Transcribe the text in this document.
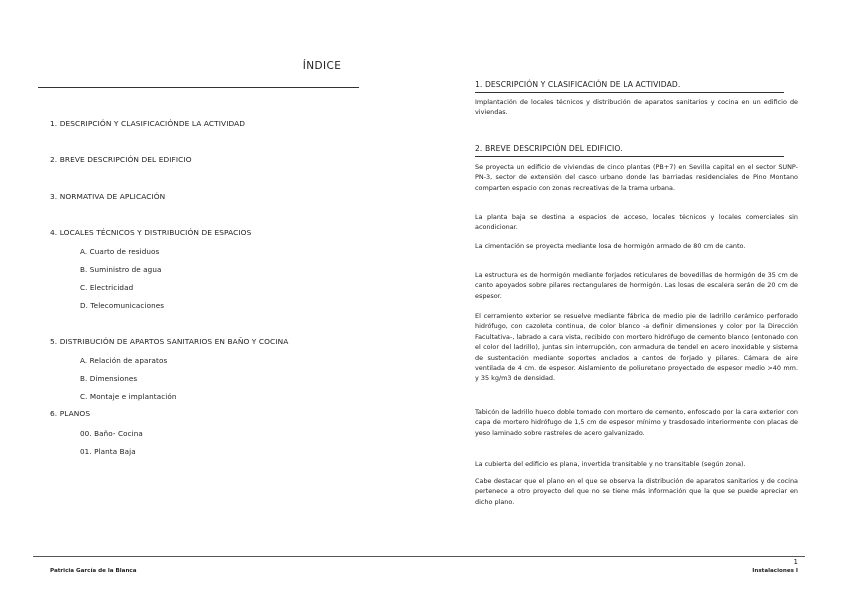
ÍNDICE
1. DESCRIPCIÓN Y CLASIFICACIÓNDE LA ACTIVIDAD
2. BREVE DESCRIPCIÓN DEL EDIFICIO
3. NORMATIVA DE APLICACIÓN
4. LOCALES TÉCNICOS Y DISTRIBUCIÓN DE ESPACIOS
A. Cuarto de residuos
B. Suministro de agua
C. Electricidad
D. Telecomunicaciones
5. DISTRIBUCIÓN DE APARTOS SANITARIOS EN BAÑO Y COCINA
A. Relación de aparatos
B. Dimensiones
C. Montaje e implantación
6. PLANOS
00. Baño- Cocina
01. Planta Baja
1. DESCRIPCIÓN Y CLASIFICACIÓN DE LA ACTIVIDAD.

Implantación de locales técnicos y distribución de aparatos sanitarios y cocina en un edificio de viviendas.

2. BREVE DESCRIPCIÓN DEL EDIFICIO.

Se proyecta un edificio de viviendas de cinco plantas (PB+7) en Sevilla capital en el sector SUNP-PN-3, sector de extensión del casco urbano donde las barriadas residenciales de Pino Montano comparten espacio con zonas recreativas de la trama urbana.

La planta baja se destina a espacios de acceso, locales técnicos y locales comerciales sin acondicionar.

La cimentación se proyecta mediante losa de hormigón armado de 80 cm de canto.

La estructura es de hormigón mediante forjados reticulares de bovedillas de hormigón de 35 cm de canto apoyados sobre pilares rectangulares de hormigón. Las losas de escalera serán de 20 cm de espesor.

El cerramiento exterior se resuelve mediante fábrica de medio pie de ladrillo cerámico perforado hidrófugo, con cazoleta continua, de color blanco -a definir dimensiones y color por la Dirección Facultativa-, labrado a cara vista, recibido con mortero hidrófugo de cemento blanco (entonado con el color del ladrillo), juntas sin interrupción, con armadura de tendel en acero inoxidable y sistema de sustentación mediante soportes anclados a cantos de forjado y pilares. Cámara de aire ventilada de 4 cm. de espesor. Aislamiento de poliuretano proyectado de espesor medio >40 mm. y 35 kg/m3 de densidad.

Tabicón de ladrillo hueco doble tomado con mortero de cemento, enfoscado por la cara exterior con capa de mortero hidrófugo de 1,5 cm de espesor mínimo y trasdosado interiormente con placas de yeso laminado sobre rastreles de acero galvanizado.

La cubierta del edificio es plana, invertida transitable y no transitable (según zona).

Cabe destacar que el plano en el que se observa la distribución de aparatos sanitarios y de cocina pertenece a otro proyecto del que no se tiene más información que la que se puede apreciar en dicho plano.

1
Patricia García de la Blanca	Instalaciones I
